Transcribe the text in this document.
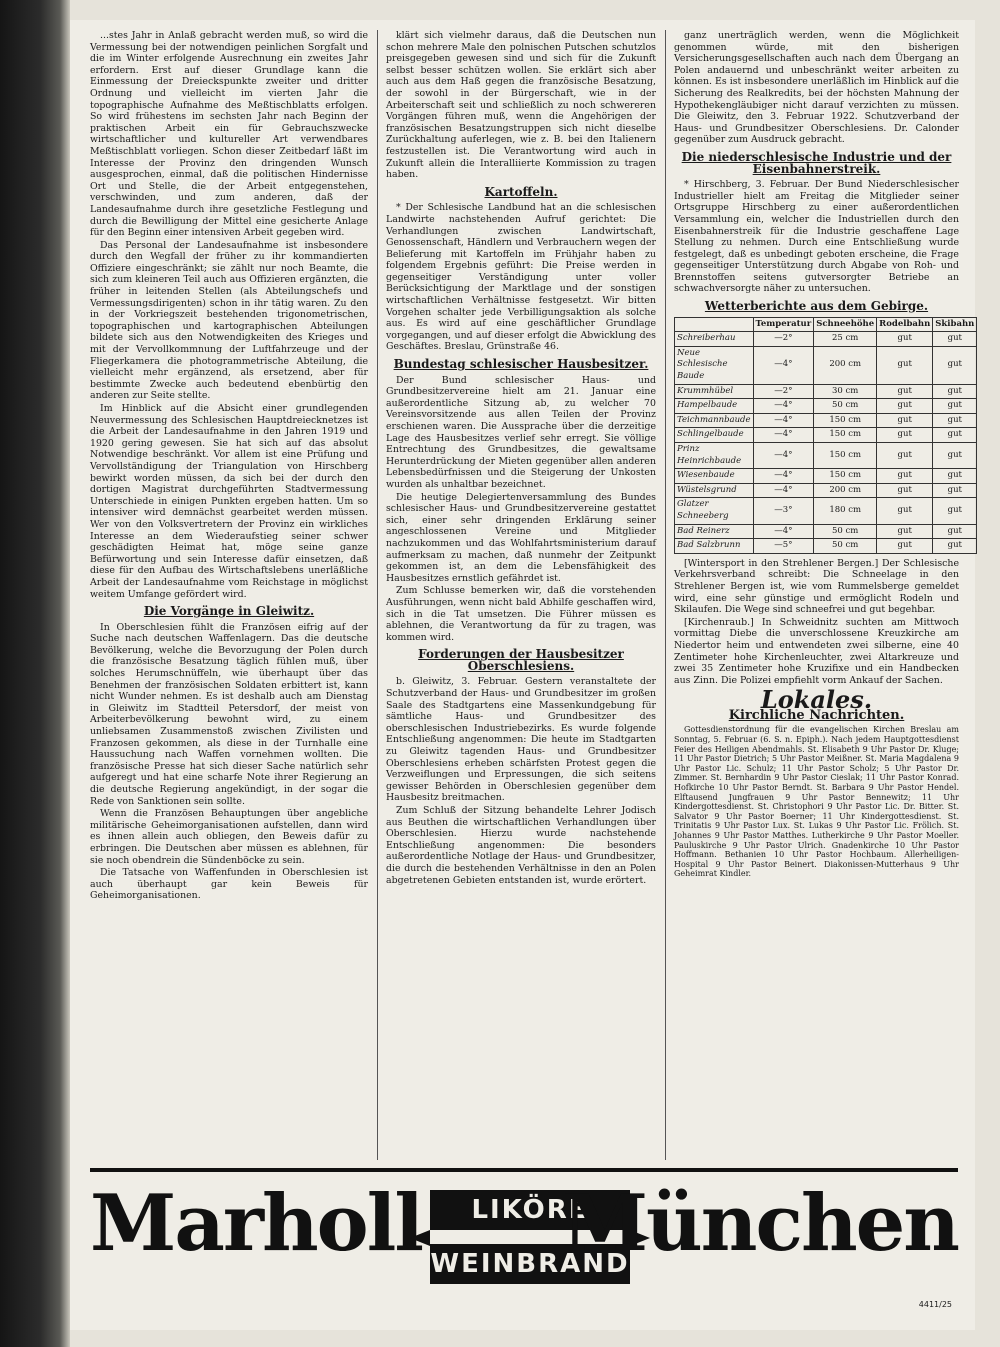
...stes Jahr in Anlaß gebracht werden muß, so wird die Vermessung bei der notwendigen peinlichen Sorgfalt und die im Winter erfolgende Ausrechnung ein zweites Jahr erfordern. Erst auf dieser Grundlage kann die Einmessung der Dreieckspunkte zweiter und dritter Ordnung und vielleicht im vierten Jahr die topographische Aufnahme des Meßtischblatts erfolgen. So wird frühestens im sechsten Jahr nach Beginn der praktischen Arbeit ein für Gebrauchszwecke wirtschaftlicher und kultureller Art verwendbares Meßtischblatt vorliegen. Schon dieser Zeitbedarf läßt im Interesse der Provinz den dringenden Wunsch ausgesprochen, einmal, daß die politischen Hindernisse Ort und Stelle, die der Arbeit entgegenstehen, verschwinden, und zum anderen, daß der Landesaufnahme durch ihre gesetzliche Festlegung und durch die Bewilligung der Mittel eine gesicherte Anlage für den Beginn einer intensiven Arbeit gegeben wird.

Das Personal der Landesaufnahme ist insbesondere durch den Wegfall der früher zu ihr kommandierten Offiziere eingeschränkt; sie zählt nur noch Beamte, die sich zum kleineren Teil auch aus Offizieren ergänzten, die früher in leitenden Stellen (als Abteilungschefs und Vermessungsdirigenten) schon in ihr tätig waren. Zu den in der Vorkriegszeit bestehenden trigonometrischen, topographischen und kartographischen Abteilungen bildete sich aus den Notwendigkeiten des Krieges und mit der Vervollkommnung der Luftfahrzeuge und der Fliegerkamera die photogrammetrische Abteilung, die vielleicht mehr ergänzend, als ersetzend, aber für bestimmte Zwecke auch bedeutend ebenbürtig den anderen zur Seite stellte.

Im Hinblick auf die Absicht einer grundlegenden Neuvermessung des Schlesischen Hauptdreiecknetzes ist die Arbeit der Landesaufnahme in den Jahren 1919 und 1920 gering gewesen. Sie hat sich auf das absolut Notwendige beschränkt. Vor allem ist eine Prüfung und Vervollständigung der Triangulation von Hirschberg bewirkt worden müssen, da sich bei der durch den dortigen Magistrat durchgeführten Stadtvermessung Unterschiede in einigen Punkten ergeben hatten. Um so intensiver wird demnächst gearbeitet werden müssen. Wer von den Volksvertretern der Provinz ein wirkliches Interesse an dem Wiederaufstieg seiner schwer geschädigten Heimat hat, möge seine ganze Befürwortung und sein Interesse dafür einsetzen, daß diese für den Aufbau des Wirtschaftslebens unerläßliche Arbeit der Landesaufnahme vom Reichstage in möglichst weitem Umfange gefördert wird.

Die Vorgänge in Gleiwitz.

In Oberschlesien fühlt die Französen eifrig auf der Suche nach deutschen Waffenlagern. Das die deutsche Bevölkerung, welche die Bevorzugung der Polen durch die französische Besatzung täglich fühlen muß, über solches Herumschnüffeln, wie überhaupt über das Benehmen der französischen Soldaten erbittert ist, kann nicht Wunder nehmen. Es ist deshalb auch am Dienstag in Gleiwitz im Stadtteil Petersdorf, der meist von Arbeiterbevölkerung bewohnt wird, zu einem unliebsamen Zusammenstoß zwischen Zivilisten und Franzosen gekommen, als diese in der Turnhalle eine Haussuchung nach Waffen vornehmen wollten. Die französische Presse hat sich dieser Sache natürlich sehr aufgeregt und hat eine scharfe Note ihrer Regierung an die deutsche Regierung angekündigt, in der sogar die Rede von Sanktionen sein sollte.

Wenn die Französen Behauptungen über angebliche militärische Geheimorganisationen aufstellen, dann wird es ihnen allein auch obliegen, den Beweis dafür zu erbringen. Die Deutschen aber müssen es ablehnen, für sie noch obendrein die Sündenböcke zu sein.

Die Tatsache von Waffenfunden in Oberschlesien ist auch überhaupt gar kein Beweis für Geheimorganisationen.

klärt sich vielmehr daraus, daß die Deutschen nun schon mehrere Male den polnischen Putschen schutzlos preisgegeben gewesen sind und sich für die Zukunft selbst besser schützen wollen. Sie erklärt sich aber auch aus dem Haß gegen die französische Besatzung, der sowohl in der Bürgerschaft, wie in der Arbeiterschaft seit und schließlich zu noch schwereren Vorgängen führen muß, wenn die Angehörigen der französischen Besatzungstruppen sich nicht dieselbe Zurückhaltung auferlegen, wie z. B. bei den Italienern festzustellen ist. Die Verantwortung wird auch in Zukunft allein die Interalliierte Kommission zu tragen haben.

Kartoffeln.

* Der Schlesische Landbund hat an die schlesischen Landwirte nachstehenden Aufruf gerichtet: Die Verhandlungen zwischen Landwirtschaft, Genossenschaft, Händlern und Verbrauchern wegen der Belieferung mit Kartoffeln im Frühjahr haben zu folgendem Ergebnis geführt: Die Preise werden in gegenseitiger Verständigung unter voller Berücksichtigung der Marktlage und der sonstigen wirtschaftlichen Verhältnisse festgesetzt. Wir bitten Vorgehen schalter jede Verbilligungsaktion als solche aus. Es wird auf eine geschäftlicher Grundlage vorgegangen, und auf dieser erfolgt die Abwicklung des Geschäftes. Breslau, Grünstraße 46.

Bundestag schlesischer Hausbesitzer.

Der Bund schlesischer Haus- und Grundbesitzervereine hielt am 21. Januar eine außerordentliche Sitzung ab, zu welcher 70 Vereinsvorsitzende aus allen Teilen der Provinz erschienen waren. Die Aussprache über die derzeitige Lage des Hausbesitzes verlief sehr erregt. Sie völlige Entrechtung des Grundbesitzes, die gewaltsame Herunterdrückung der Mieten gegenüber allen anderen Lebensbedürfnissen und die Steigerung der Unkosten wurden als unhaltbar bezeichnet.

Die heutige Delegiertenversammlung des Bundes schlesischer Haus- und Grundbesitzervereine gestattet sich, einer sehr dringenden Erklärung seiner angeschlossenen Vereine und Mitglieder nachzukommen und das Wohlfahrtsministerium darauf aufmerksam zu machen, daß nunmehr der Zeitpunkt gekommen ist, an dem die Lebensfähigkeit des Hausbesitzes ernstlich gefährdet ist.

Zum Schlusse bemerken wir, daß die vorstehenden Ausführungen, wenn nicht bald Abhilfe geschaffen wird, sich in die Tat umsetzen. Die Führer müssen es ablehnen, die Verantwortung da für zu tragen, was kommen wird.

Forderungen der Hausbesitzer Oberschlesiens.

b. Gleiwitz, 3. Februar. Gestern veranstaltete der Schutzverband der Haus- und Grundbesitzer im großen Saale des Stadtgartens eine Massenkundgebung für sämtliche Haus- und Grundbesitzer des oberschlesischen Industriebezirks. Es wurde folgende Entschließung angenommen: Die heute im Stadtgarten zu Gleiwitz tagenden Haus- und Grundbesitzer Oberschlesiens erheben schärfsten Protest gegen die Verzweiflungen und Erpressungen, die sich seitens gewisser Behörden in Oberschlesien gegenüber dem Hausbesitz breitmachen.

Zum Schluß der Sitzung behandelte Lehrer Jodisch aus Beuthen die wirtschaftlichen Verhandlungen über Oberschlesien. Hierzu wurde nachstehende Entschließung angenommen: Die besonders außerordentliche Notlage der Haus- und Grundbesitzer, die durch die bestehenden Verhältnisse in den an Polen abgetretenen Gebieten entstanden ist, wurde erörtert.

ganz unerträglich werden, wenn die Möglichkeit genommen würde, mit den bisherigen Versicherungsgesellschaften auch nach dem Übergang an Polen andauernd und unbeschränkt weiter arbeiten zu können. Es ist insbesondere unerläßlich im Hinblick auf die Sicherung des Realkredits, bei der höchsten Mahnung der Hypothekengläubiger nicht darauf verzichten zu müssen. Die Gleiwitz, den 3. Februar 1922. Schutzverband der Haus- und Grundbesitzer Oberschlesiens. Dr. Calonder gegenüber zum Ausdruck gebracht.

Die niederschlesische Industrie und der Eisenbahnerstreik.

* Hirschberg, 3. Februar. Der Bund Niederschlesischer Industrieller hielt am Freitag die Mitglieder seiner Ortsgruppe Hirschberg zu einer außerordentlichen Versammlung ein, welcher die Industriellen durch den Eisenbahnerstreik für die Industrie geschaffene Lage Stellung zu nehmen. Durch eine Entschließung wurde festgelegt, daß es unbedingt geboten erscheine, die Frage gegenseitiger Unterstützung durch Abgabe von Roh- und Brennstoffen seitens gutversorgter Betriebe an schwachversorgte näher zu untersuchen.

Wetterberichte aus dem Gebirge.
	Temperatur	Schneehöhe	Rodelbahn	Skibahn
Schreiberhau	—2°	25 cm	gut	gut
Neue Schlesische Baude	—4°	200 cm	gut	gut
Krummhübel	—2°	30 cm	gut	gut
Hampelbaude	—4°	50 cm	gut	gut
Teichmannbaude	—4°	150 cm	gut	gut
Schlingelbaude	—4°	150 cm	gut	gut
Prinz Heinrichbaude	—4°	150 cm	gut	gut
Wiesenbaude	—4°	150 cm	gut	gut
Wüstelsgrund	—4°	200 cm	gut	gut
Glatzer Schneeberg	—3°	180 cm	gut	gut
Bad Reinerz	—4°	50 cm	gut	gut
Bad Salzbrunn	—5°	50 cm	gut	gut

[Wintersport in den Strehlener Bergen.] Der Schlesische Verkehrsverband schreibt: Die Schneelage in den Strehlener Bergen ist, wie vom Rummelsberge gemeldet wird, eine sehr günstige und ermöglicht Rodeln und Skilaufen. Die Wege sind schneefrei und gut begehbar.

[Kirchenraub.] In Schweidnitz suchten am Mittwoch vormittag Diebe die unverschlossene Kreuzkirche am Niedertor heim und entwendeten zwei silberne, eine 40 Zentimeter hohe Kirchenleuchter, zwei Altarkreuze und zwei 35 Zentimeter hohe Kruzifixe und ein Handbecken aus Zinn. Die Polizei empfiehlt vorm Ankauf der Sachen.

Lokales.
Kirchliche Nachrichten.

Gottesdienstordnung für die evangelischen Kirchen Breslau am Sonntag, 5. Februar (6. S. n. Epiph.). Nach jedem Hauptgottesdienst Feier des Heiligen Abendmahls. St. Elisabeth 9 Uhr Pastor Dr. Kluge; 11 Uhr Pastor Dietrich; 5 Uhr Pastor Meißner. St. Maria Magdalena 9 Uhr Pastor Lic. Schulz; 11 Uhr Pastor Scholz; 5 Uhr Pastor Dr. Zimmer. St. Bernhardin 9 Uhr Pastor Cieslak; 11 Uhr Pastor Konrad. Hofkirche 10 Uhr Pastor Berndt. St. Barbara 9 Uhr Pastor Hendel. Elftausend Jungfrauen 9 Uhr Pastor Bennewitz; 11 Uhr Kindergottesdienst. St. Christophori 9 Uhr Pastor Lic. Dr. Bitter. St. Salvator 9 Uhr Pastor Boerner; 11 Uhr Kindergottesdienst. St. Trinitatis 9 Uhr Pastor Lux. St. Lukas 9 Uhr Pastor Lic. Frölich. St. Johannes 9 Uhr Pastor Matthes. Lutherkirche 9 Uhr Pastor Moeller. Pauluskirche 9 Uhr Pastor Ulrich. Gnadenkirche 10 Uhr Pastor Hoffmann. Bethanien 10 Uhr Pastor Hochbaum. Allerheiligen-Hospital 9 Uhr Pastor Beinert. Diakonissen-Mutterhaus 9 Uhr Geheimrat Kindler.

Marholl	LIKÖRE
WEINBRAND
München
4411/25
